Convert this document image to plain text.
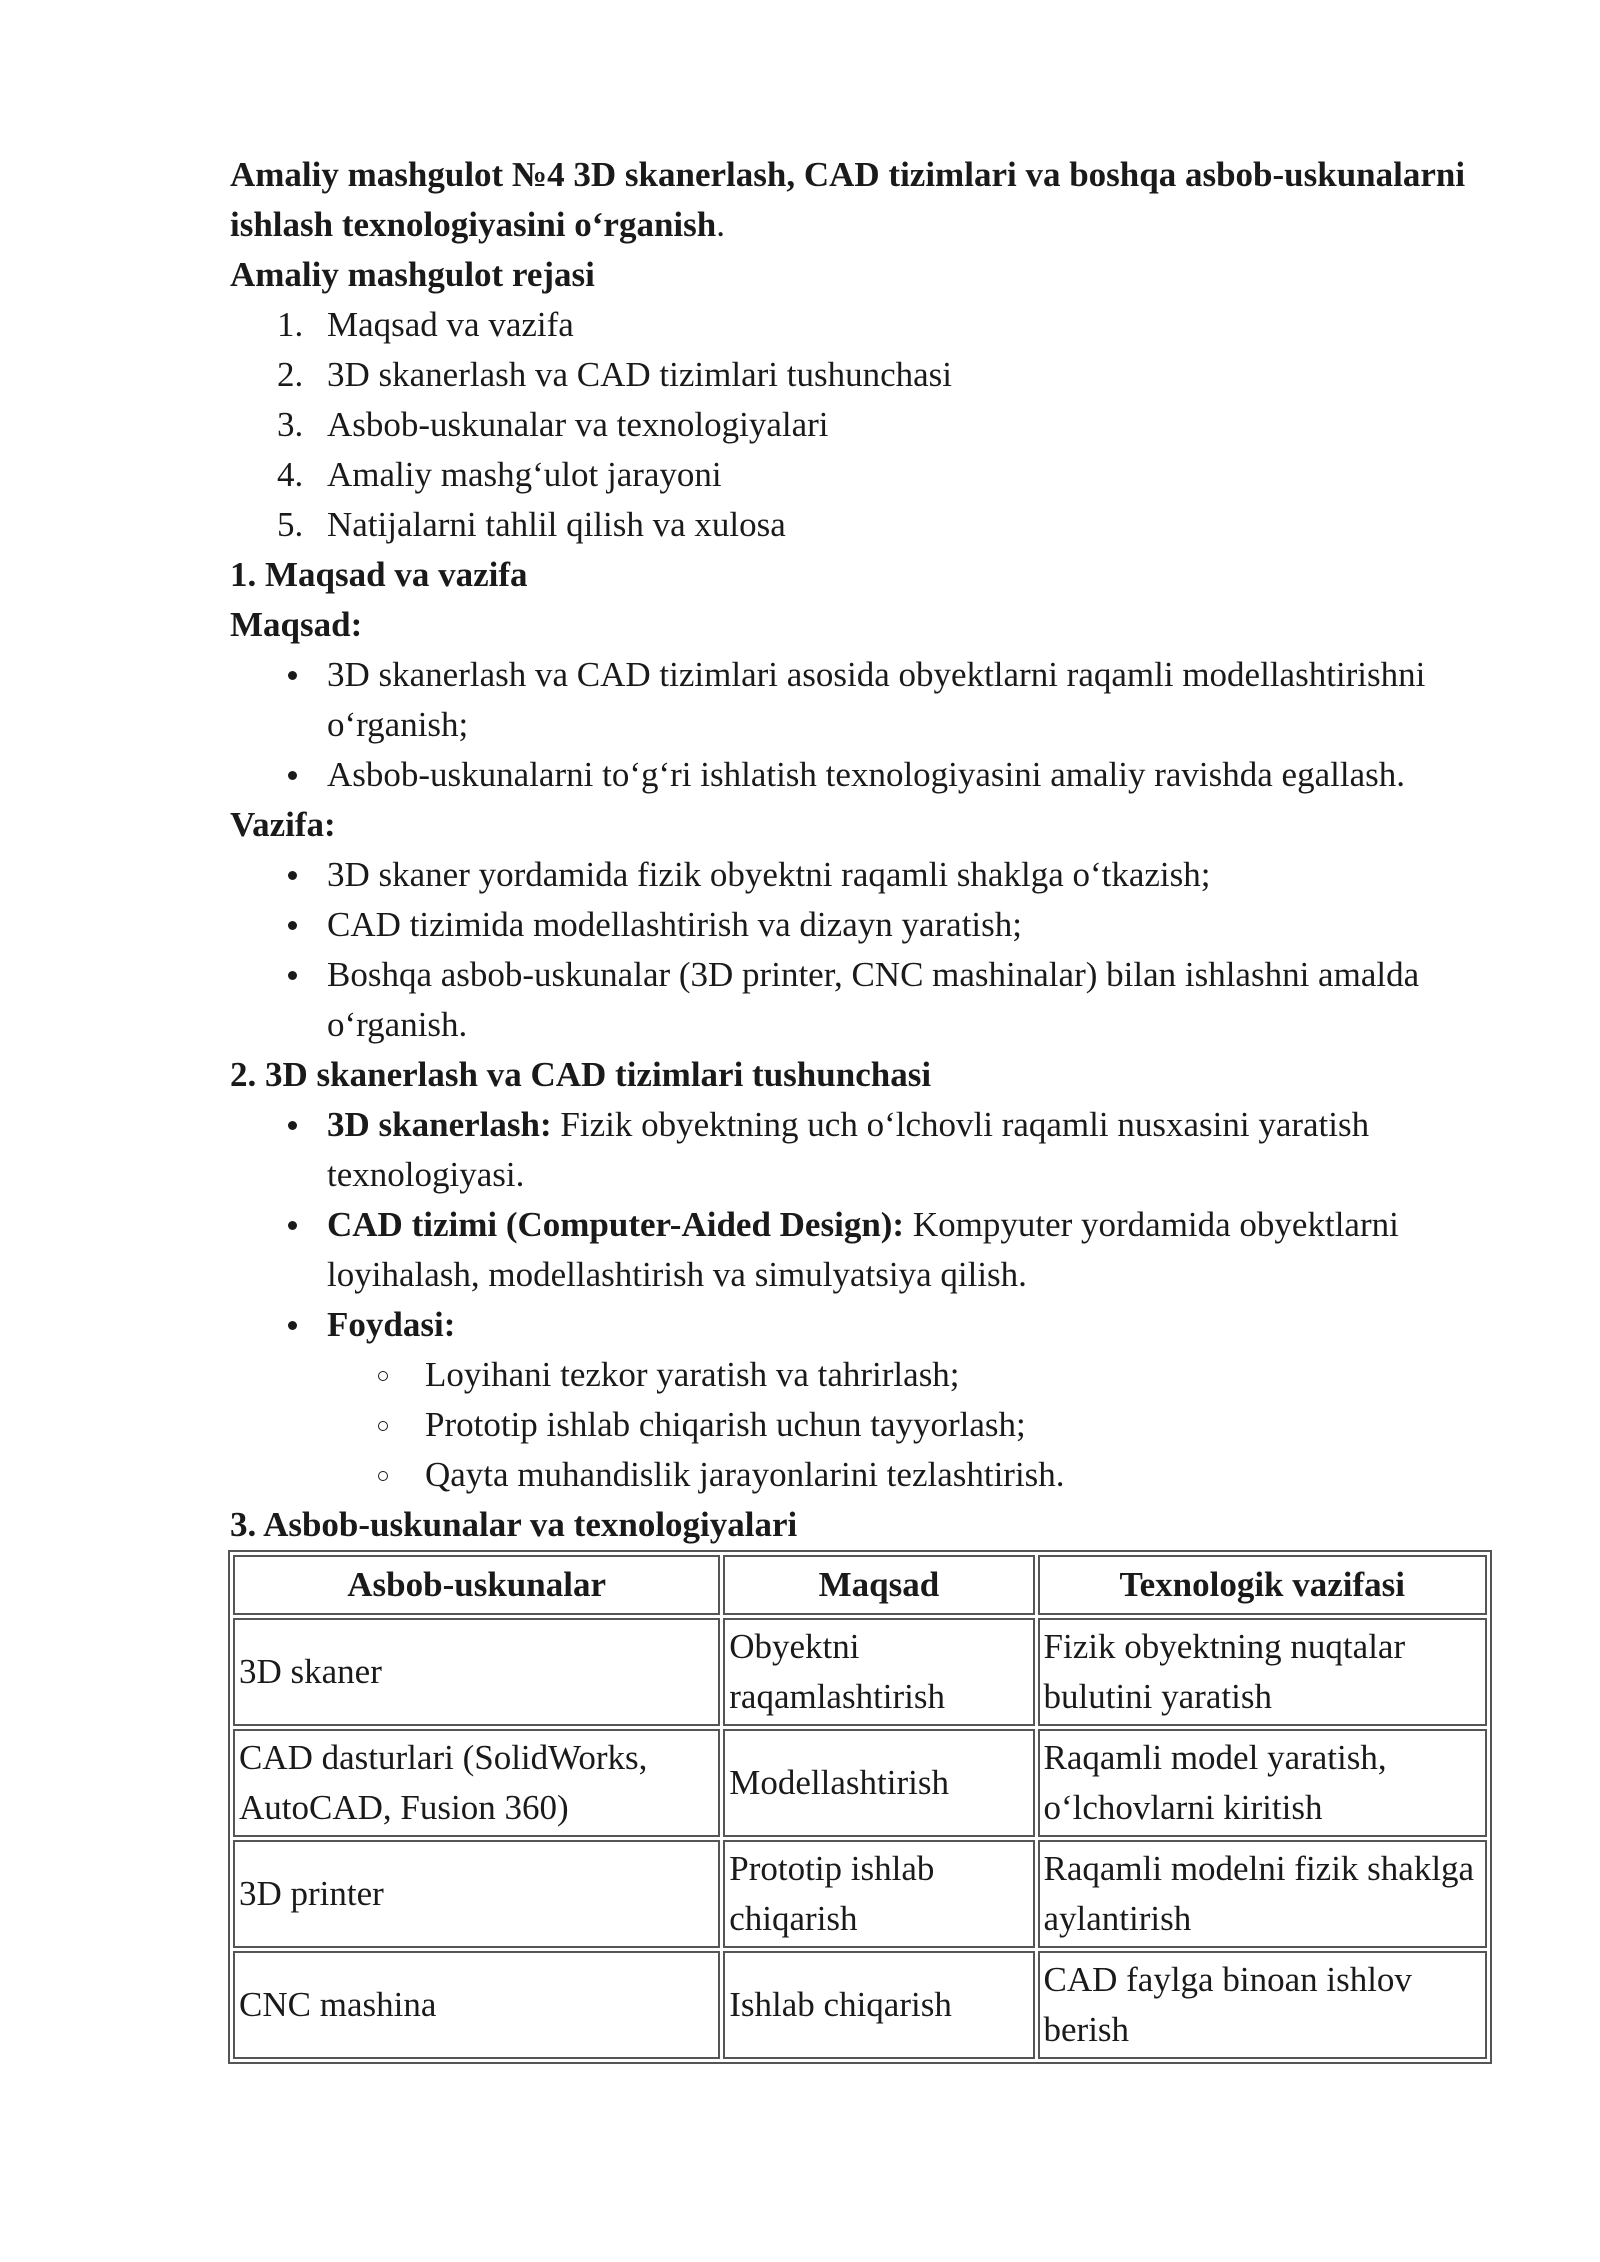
Amaliy mashgulot №4 3D skanerlash, CAD tizimlari va boshqa asbob-uskunalarni ishlash texnologiyasini o‘rganish.

Amaliy mashgulot rejasi
1. Maqsad va vazifa
2. 3D skanerlash va CAD tizimlari tushunchasi
3. Asbob-uskunalar va texnologiyalari
4. Amaliy mashg‘ulot jarayoni
5. Natijalarni tahlil qilish va xulosa
1. Maqsad va vazifa
Maqsad:
3D skanerlash va CAD tizimlari asosida obyektlarni raqamli modellashtirishni o‘rganish;
Asbob-uskunalarni to‘g‘ri ishlatish texnologiyasini amaliy ravishda egallash.
Vazifa:
3D skaner yordamida fizik obyektni raqamli shaklga o‘tkazish;
CAD tizimida modellashtirish va dizayn yaratish;
Boshqa asbob-uskunalar (3D printer, CNC mashinalar) bilan ishlashni amalda o‘rganish.
2. 3D skanerlash va CAD tizimlari tushunchasi
3D skanerlash: Fizik obyektning uch o‘lchovli raqamli nusxasini yaratish texnologiyasi.
CAD tizimi (Computer-Aided Design): Kompyuter yordamida obyektlarni loyihalash, modellashtirish va simulyatsiya qilish.
Foydasi:
Loyihani tezkor yaratish va tahrirlash;
Prototip ishlab chiqarish uchun tayyorlash;
Qayta muhandislik jarayonlarini tezlashtirish.
3. Asbob-uskunalar va texnologiyalari
Asbob-uskunalar	Maqsad	Texnologik vazifasi
3D skaner	Obyektni raqamlashtirish	Fizik obyektning nuqtalar bulutini yaratish
CAD dasturlari (SolidWorks, AutoCAD, Fusion 360)	Modellashtirish	Raqamli model yaratish, o‘lchovlarni kiritish
3D printer	Prototip ishlab chiqarish	Raqamli modelni fizik shaklga aylantirish
CNC mashina	Ishlab chiqarish	CAD faylga binoan ishlov berish
